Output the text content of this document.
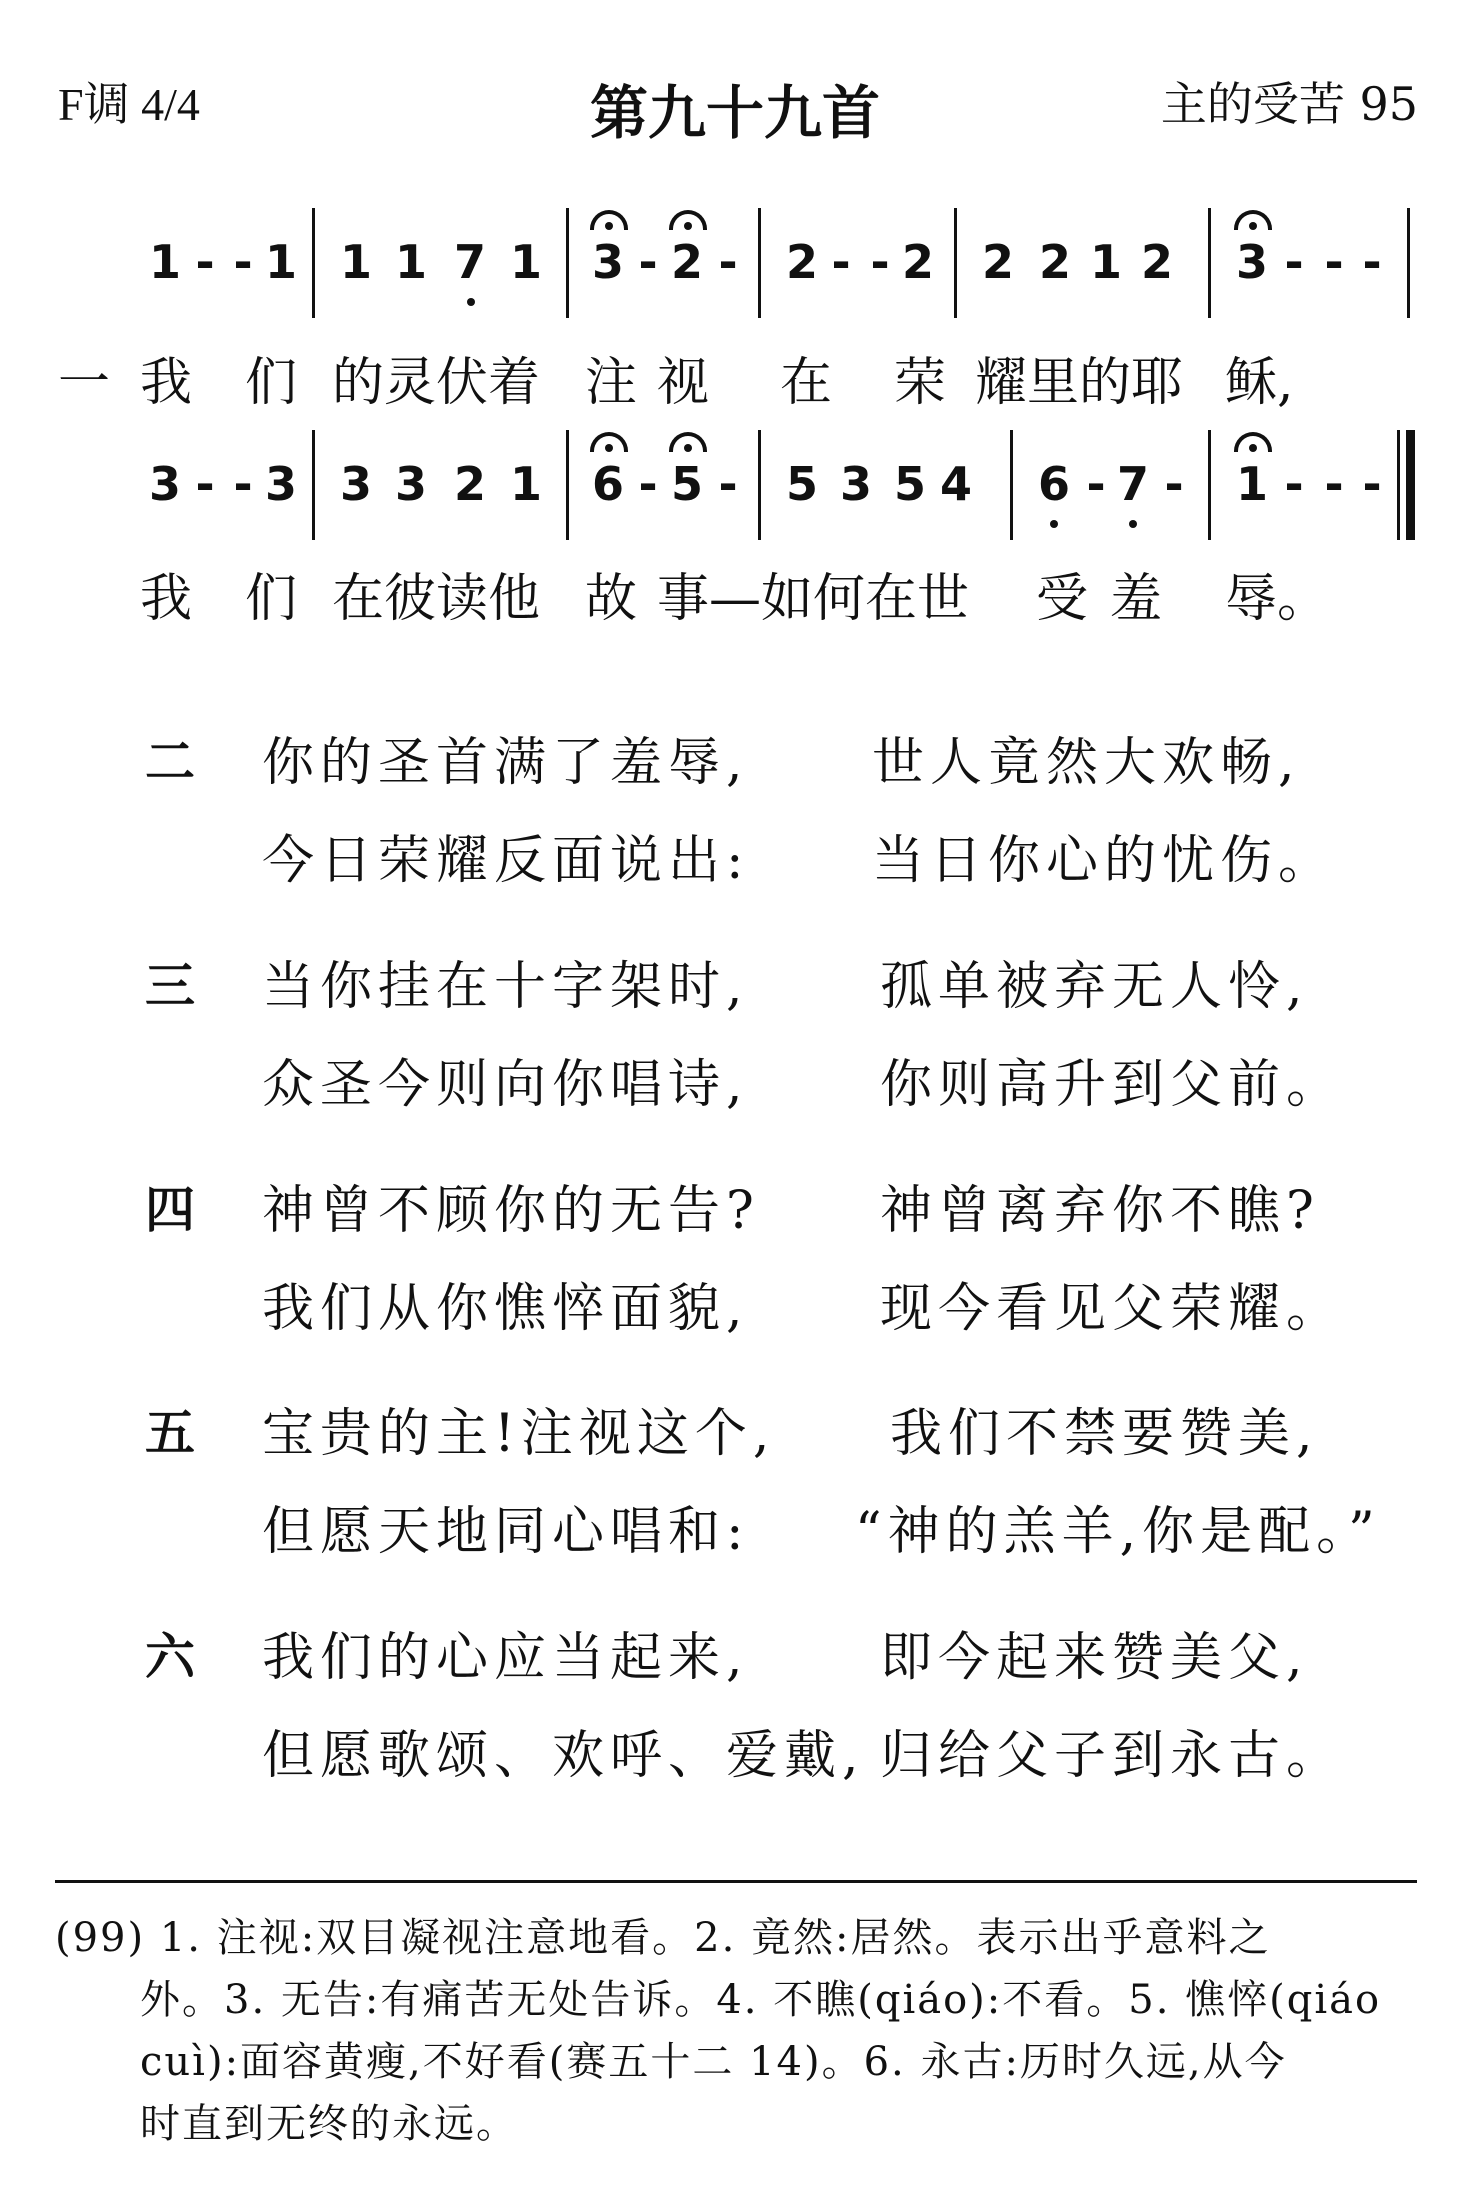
F调 4/4	第九十九首	主的受苦 95
1 - - 1 1 1 7 1 3 - 2 - 2 - - 2 2 2 1 2 3 - - -
一 我 们 的灵伏着 注 视 在 荣 耀里的耶 稣,
3 - - 3 3 3 2 1 6 - 5 - 5 3 5 4 6 - 7 - 1 - - -
我 们 在彼读他 故 事—如何在世 受 羞 辱。
二 你的圣首满了羞辱, 世人竟然大欢畅,
今日荣耀反面说出: 当日你心的忧伤。
三 当你挂在十字架时,	孤单被弃无人怜,
众圣今则向你唱诗,	你则高升到父前。
四 神曾不顾你的无告? 神曾离弃你不瞧?
我们从你憔悴面貌,	现今看见父荣耀。
五 宝贵的主!注视这个, 我们不禁要赞美,
但愿天地同心唱和: “神的羔羊,你是配。”
六 我们的心应当起来,	即今起来赞美父,
但愿歌颂、欢呼、爱戴, 归给父子到永古。
(99) 1. 注视:双目凝视注意地看。2. 竟然:居然。表示出乎意料之
外。3. 无告:有痛苦无处告诉。4. 不瞧(qiáo):不看。5. 憔悴(qiáo
cuì):面容黄瘦,不好看(赛五十二 14)。6. 永古:历时久远,从今
时直到无终的永远。
